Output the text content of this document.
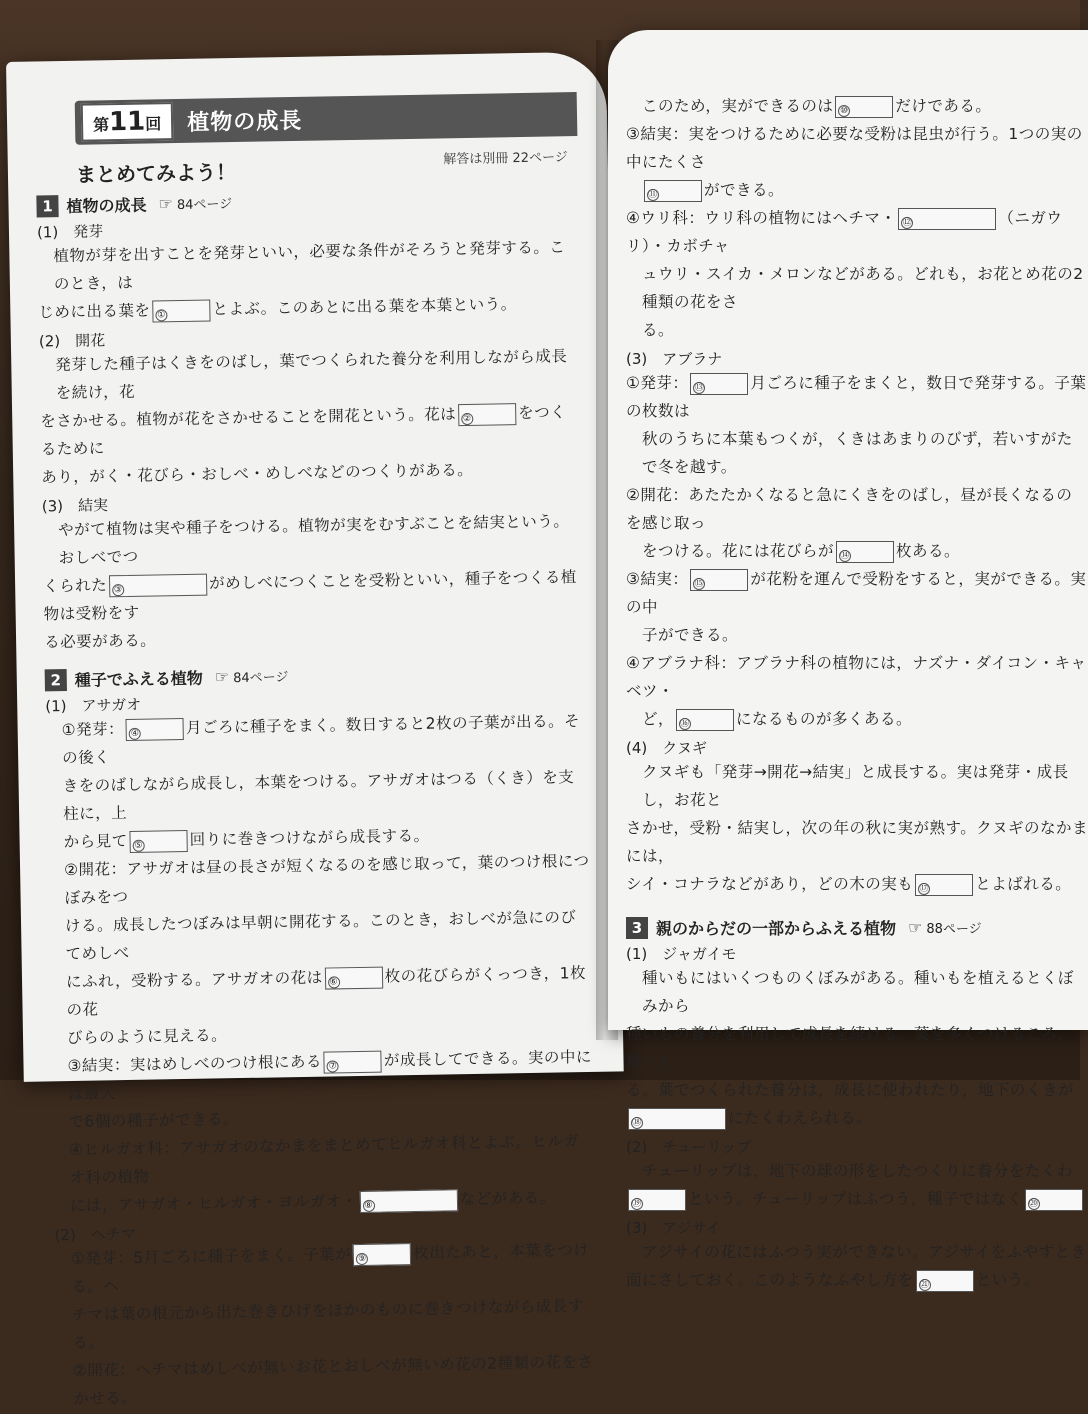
第11回	植物の成長
解答は別冊 22ページ
まとめてみよう！
1 植物の成長 ☞ 84ページ

(1)　発芽

植物が芽を出すことを発芽といい，必要な条件がそろうと発芽する。このとき，は

じめに出る葉を ①	とよぶ。このあとに出る葉を本葉という。

(2)　開花

発芽した種子はくきをのばし，葉でつくられた養分を利用しながら成長を続け，花

をさかせる。植物が花をさかせることを開花という。花は ②	をつくるために

あり，がく・花びら・おしべ・めしべなどのつくりがある。

(3)　結実

やがて植物は実や種子をつける。植物が実をむすぶことを結実という。おしべでつ

くられた ③	がめしべにつくことを受粉といい，種子をつくる植物は受粉をす

る必要がある。

2 種子でふえる植物 ☞ 84ページ

(1)　アサガオ

①発芽： ④	月ごろに種子をまく。数日すると2枚の子葉が出る。その後く

きをのばしながら成長し，本葉をつける。アサガオはつる（くき）を支柱に，上

から見て ⑤	回りに巻きつけながら成長する。

②開花：アサガオは昼の長さが短くなるのを感じ取って，葉のつけ根につぼみをつ

ける。成長したつぼみは早朝に開花する。このとき，おしべが急にのびてめしべ

にふれ，受粉する。アサガオの花は ⑥	枚の花びらがくっつき，1枚の花

びらのように見える。

③結実：実はめしべのつけ根にある ⑦	が成長してできる。実の中には最大

で6個の種子ができる。

④ヒルガオ科：アサガオのなかまをまとめてヒルガオ科とよぶ。ヒルガオ科の植物

には，アサガオ・ヒルガオ・ヨルガオ・ ⑧	などがある。

(2)　ヘチマ

①発芽：5月ごろに種子をまく。子葉が ⑨	枚出たあと，本葉をつける。ヘ

チマは葉の根元から出た巻きひげをほかのものに巻きつけながら成長する。

②開花：ヘチマはめしべが無いお花とおしべが無いめ花の2種類の花をさかせる。

このため，実ができるのは ⑩	だけである。

③結実：実をつけるために必要な受粉は昆虫が行う。1つの実の中にたくさ

⑪	ができる。

④ウリ科：ウリ科の植物にはヘチマ・ ⑫	（ニガウリ）・カボチャ

ュウリ・スイカ・メロンなどがある。どれも，お花とめ花の2種類の花をさ

る。

(3)　アブラナ

①発芽： ⑬	月ごろに種子をまくと，数日で発芽する。子葉の枚数は

秋のうちに本葉もつくが，くきはあまりのびず，若いすがたで冬を越す。

②開花：あたたかくなると急にくきをのばし，昼が長くなるのを感じ取っ

をつける。花には花びらが ⑭	枚ある。

③結実： ⑮	が花粉を運んで受粉をすると，実ができる。実の中

子ができる。

④アブラナ科：アブラナ科の植物には，ナズナ・ダイコン・キャベツ・

ど， ⑯	になるものが多くある。

(4)　クヌギ

クヌギも「発芽→開花→結実」と成長する。実は発芽・成長し，お花と

さかせ，受粉・結実し，次の年の秋に実が熟す。クヌギのなかまには，

シイ・コナラなどがあり，どの木の実も ⑰	とよばれる。

3 親のからだの一部からふえる植物 ☞ 88ページ

(1)　ジャガイモ

種いもにはいくつものくぼみがある。種いもを植えるとくぼみから

種いもの養分を利用して成長を続ける。葉を多くつけるころ，種いも

る。葉でつくられた養分は，成長に使われたり，地下のくきが

⑱	にたくわえられる。

(2)　チューリップ

チューリップは，地下の球の形をしたつくりに養分をたくわ

⑲	という。チューリップはふつう，種子ではなく ⑳

(3)　アジサイ

アジサイの花にはふつう実ができない。アジサイをふやすとき

面にさしておく。このようなふやし方を ㉑	という。
